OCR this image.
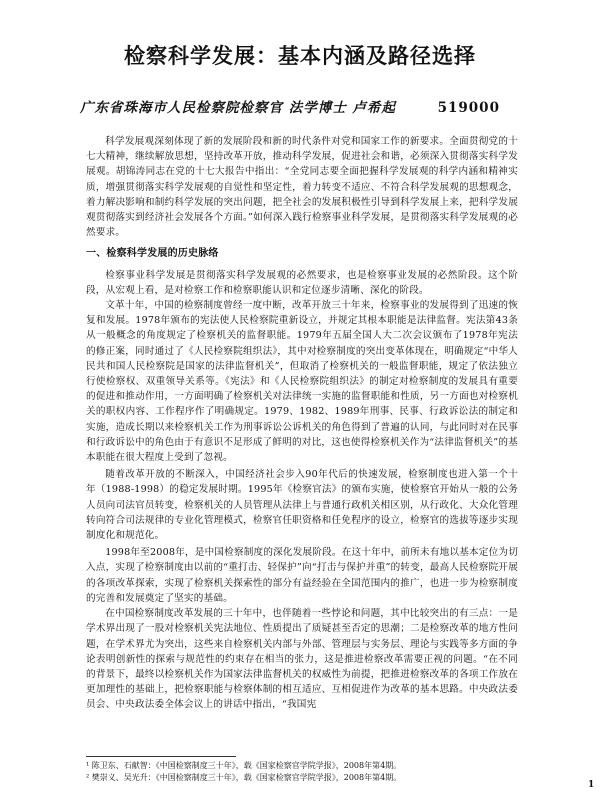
检察科学发展：基本内涵及路径选择
广东省珠海市人民检察院检察官 法学博士 卢希起	519000

科学发展观深刻体现了新的发展阶段和新的时代条件对党和国家工作的新要求。全面贯彻党的十七大精神，继续解放思想，坚持改革开放，推动科学发展，促进社会和谐，必须深入贯彻落实科学发展观。胡锦涛同志在党的十七大报告中指出：“全党同志要全面把握科学发展观的科学内涵和精神实质，增强贯彻落实科学发展观的自觉性和坚定性，着力转变不适应、不符合科学发展观的思想观念，着力解决影响和制约科学发展的突出问题，把全社会的发展积极性引导到科学发展上来，把科学发展观贯彻落实到经济社会发展各个方面。”如何深入践行检察事业科学发展，是贯彻落实科学发展观的必然要求。

一、检察科学发展的历史脉络

检察事业科学发展是贯彻落实科学发展观的必然要求，也是检察事业发展的必然阶段。这个阶段，从宏观上看，是对检察工作和检察职能认识和定位逐步清晰、深化的阶段。

文革十年，中国的检察制度曾经一度中断，改革开放三十年来，检察事业的发展得到了迅速的恢复和发展。1978年颁布的宪法使人民检察院重新设立，并规定其根本职能是法律监督。宪法第43条从一般概念的角度规定了检察机关的监督职能。1979年五届全国人大二次会议颁布了1978年宪法的修正案，同时通过了《人民检察院组织法》，其中对检察制度的突出变革体现在，明确规定“中华人民共和国人民检察院是国家的法律监督机关”，但取消了检察机关的一般监督职能，规定了依法独立行使检察权、双重领导关系等。《宪法》和《人民检察院组织法》的制定对检察制度的发展具有重要的促进和推动作用，一方面明确了检察机关对法律统一实施的监督职能和性质，另一方面也对检察机关的职权内容、工作程序作了明确规定。1979、1982、1989年刑事、民事、行政诉讼法的制定和实施，造成长期以来检察机关工作为刑事诉讼公诉机关的角色得到了普遍的认同，与此同时对在民事和行政诉讼中的角色由于有意识不足形成了鲜明的对比，这也使得检察机关作为“法律监督机关”的基本职能在很大程度上受到了忽视。

随着改革开放的不断深入，中国经济社会步入90年代后的快速发展，检察制度也进入第一个十年（1988-1998）的稳定发展时期。1995年《检察官法》的颁布实施，使检察官开始从一般的公务人员向司法官员转变，检察机关的人员管理从法律上与普通行政机关相区别，从行政化、大众化管理转向符合司法规律的专业化管理模式，检察官任职资格和任免程序的设立，检察官的选拔等逐步实现制度化和规范化。

1998年至2008年，是中国检察制度的深化发展阶段。在这十年中，前所未有地以基本定位为切入点，实现了检察制度由以前的“重打击、轻保护”向“打击与保护并重”的转变，最高人民检察院开展的各项改革探索，实现了检察机关探索性的部分有益经验在全国范围内的推广，也进一步为检察制度的完善和发展奠定了坚实的基础。

在中国检察制度改革发展的三十年中，也伴随着一些悖论和问题，其中比较突出的有三点：一是学术界出现了一股对检察机关宪法地位、性质提出了质疑甚至否定的思潮；二是检察改革的地方性问题，在学术界尤为突出，这些来自检察机关内部与外部、管理层与实务层、理论与实践等多方面的争论表明创新性的探索与规范性的约束存在相当的张力，这是推进检察改革需要正视的问题。“在不同的背景下，最终以检察机关作为国家法律监督机关的权威性为前提，把推进检察改革的各项工作放在更加理性的基础上，把检察职能与检察体制的相互适应、互相促进作为改革的基本思路。中央政法委员会、中央政法委全体会议上的讲话中指出，“我国宪

¹ 陈卫东、石献智：《中国检察制度三十年》，载《国家检察官学院学报》，2008年第4期。

² 樊崇义、吴光升：《中国检察制度三十年》，载《国家检察官学院学报》，2008年第4期。

1
